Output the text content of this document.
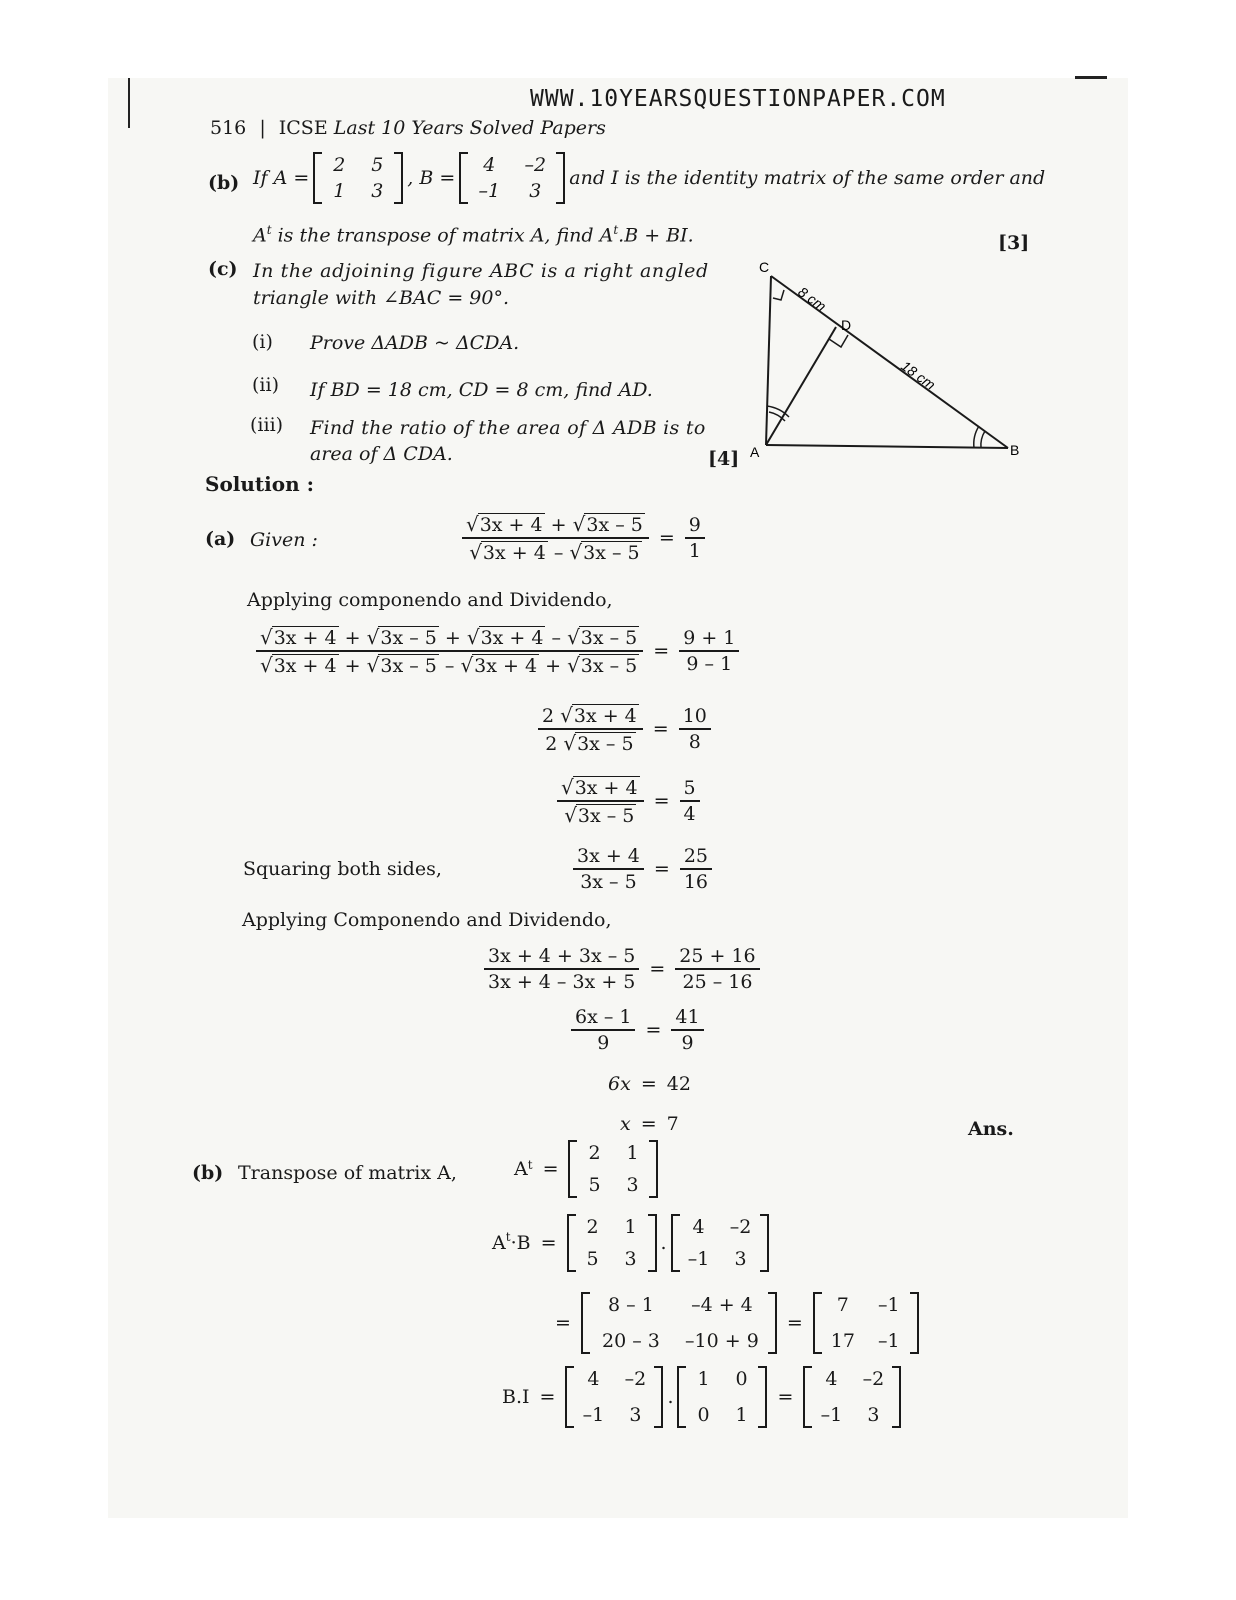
WWW.10YEARSQUESTIONPAPER.COM
516 | ICSE Last 10 Years Solved Papers
(b) If A =
2 5
1 3
, B =
4	–2
–1	3
and I is the identity matrix of the same order and
$A^t$ is the transpose of matrix A, find $A^t.B$ + BI.	[3]
(c) In the adjoining figure ABC is a right angled
triangle with ∠BAC = 90°.
(i) Prove ΔADB ~ ΔCDA.
(ii) If BD = 18 cm, CD = 8 cm, find AD.
(iii) Find the ratio of the area of Δ ADB is to
area of Δ CDA.	[4]
C
D
A	B
8 cm
18 cm
Solution :
(a) Given :	$\frac{√3x + 4 + √3x - 5}{√3x + 4 - √3x - 5} = \frac{9}{1}$
Applying componendo and Dividendo,
$\frac{√3x + 4 + √3x - 5 + √3x + 4 - √3x - 5}{√3x + 4 + √3x - 5 - √3x + 4 + √3x - 5} = \frac{9 + 1}{9 - 1}$
$\frac{2 √3x + 4}{2 √3x - 5} = \frac{10}{8}$
$\frac{√3x + 4}{√3x - 5} = \frac{5}{4}$
Squaring both sides,	$\frac{3x + 4}{3x - 5} = \frac{25}{16}$
Applying Componendo and Dividendo,
$\frac{3x + 4 + 3x - 5}{3x + 4 - 3x + 5} = \frac{25 + 16}{25 - 16}$
$\frac{6x - 1}{9} = \frac{41}{9}$
6x = 42
x = 7	Ans.
(b) Transpose of matrix A,	$A^t$ =
2 1
5 3
$A^t \cdot B$ =
2 1
5 3
.
4	–2
–1	3
=
8 – 1	–4 + 4
20 – 3	–10 + 9
=
7	–1
17 –1
B.I =
4	–2
–1	3
.
1 0
0 1
=
4	–2
–1	3
